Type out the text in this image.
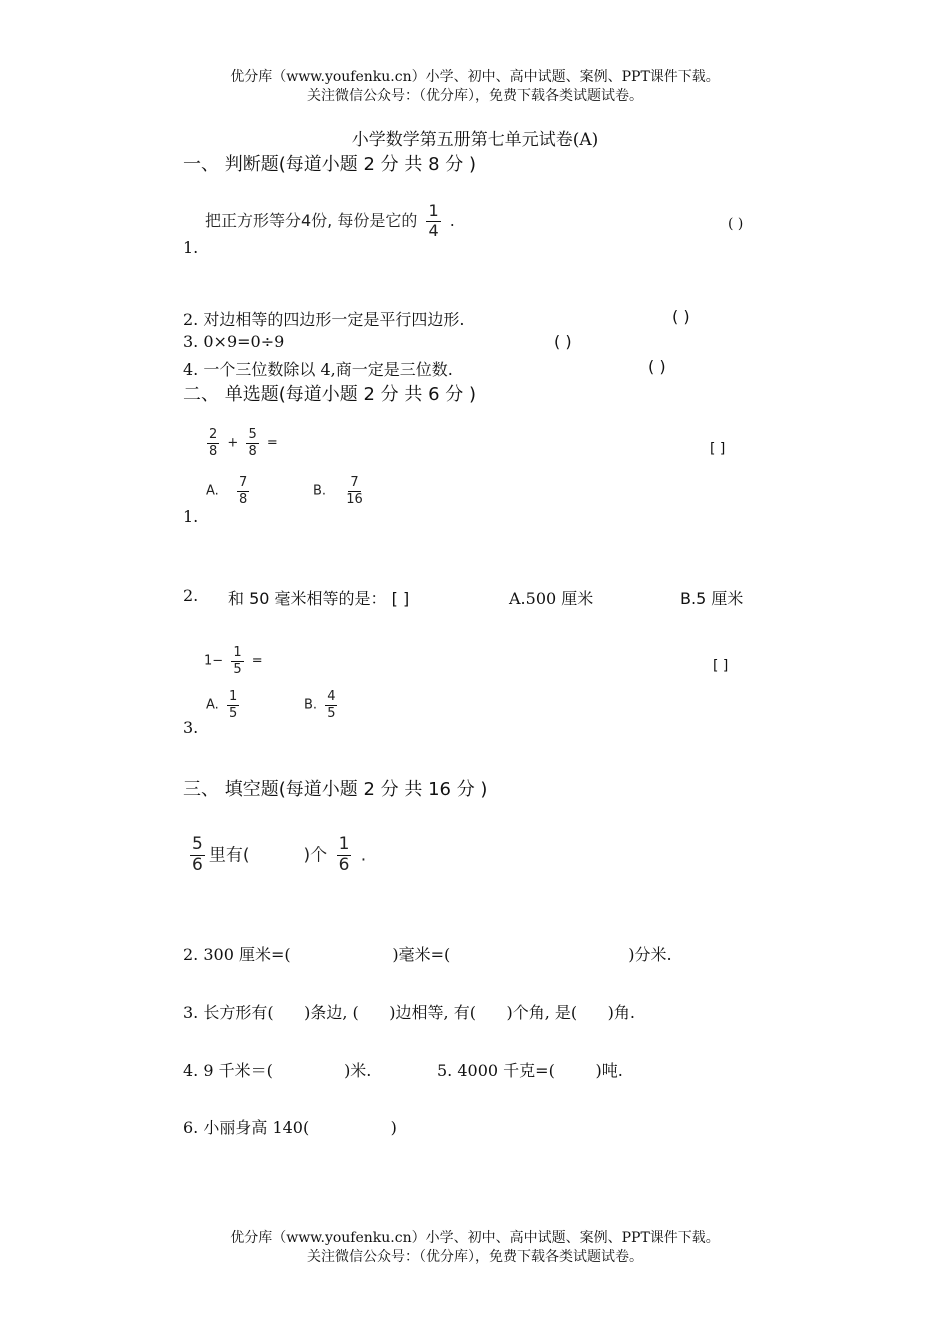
优分库（www.youfenku.cn）小学、初中、高中试题、案例、PPT课件下载。
关注微信公众号：（优分库），免费下载各类试题试卷。
小学数学第五册第七单元试卷(A)
一、 判断题(每道小题 2 分 共 8 分 )
把正方形等分4份, 每份是它的 $\frac{1}{4}$ .	( )
1.
2. 对边相等的四边形一定是平行四边形.	( )
3. 0×9=0÷9	( )
4. 一个三位数除以 4,商一定是三位数.	( )
二、 单选题(每道小题 2 分 共 6 分 )
$\frac{2}{8} + \frac{5}{8}$ =	[ ]
A. $\frac{7}{8}$	B. $\frac{7}{16}$
1.
2. 和 50 毫米相等的是： [ ]	A.500 厘米	B.5 厘米
$1- \frac{1}{5}$ =	[ ]
A. $\frac{1}{5}$	B. $\frac{4}{5}$
3.
三、 填空题(每道小题 2 分 共 16 分 )
$\frac{5}{6}$ 里有(	)个 $\frac{1}{6}$ .
2. 300 厘米=(                    )毫米=(                                   )分米.
3. 长方形有(      )条边, (      )边相等, 有(      )个角, 是(      )角.
4. 9 千米＝(              )米.	5. 4000 千克=(        )吨.
6. 小丽身高 140(                )
优分库（www.youfenku.cn）小学、初中、高中试题、案例、PPT课件下载。
关注微信公众号：（优分库），免费下载各类试题试卷。
